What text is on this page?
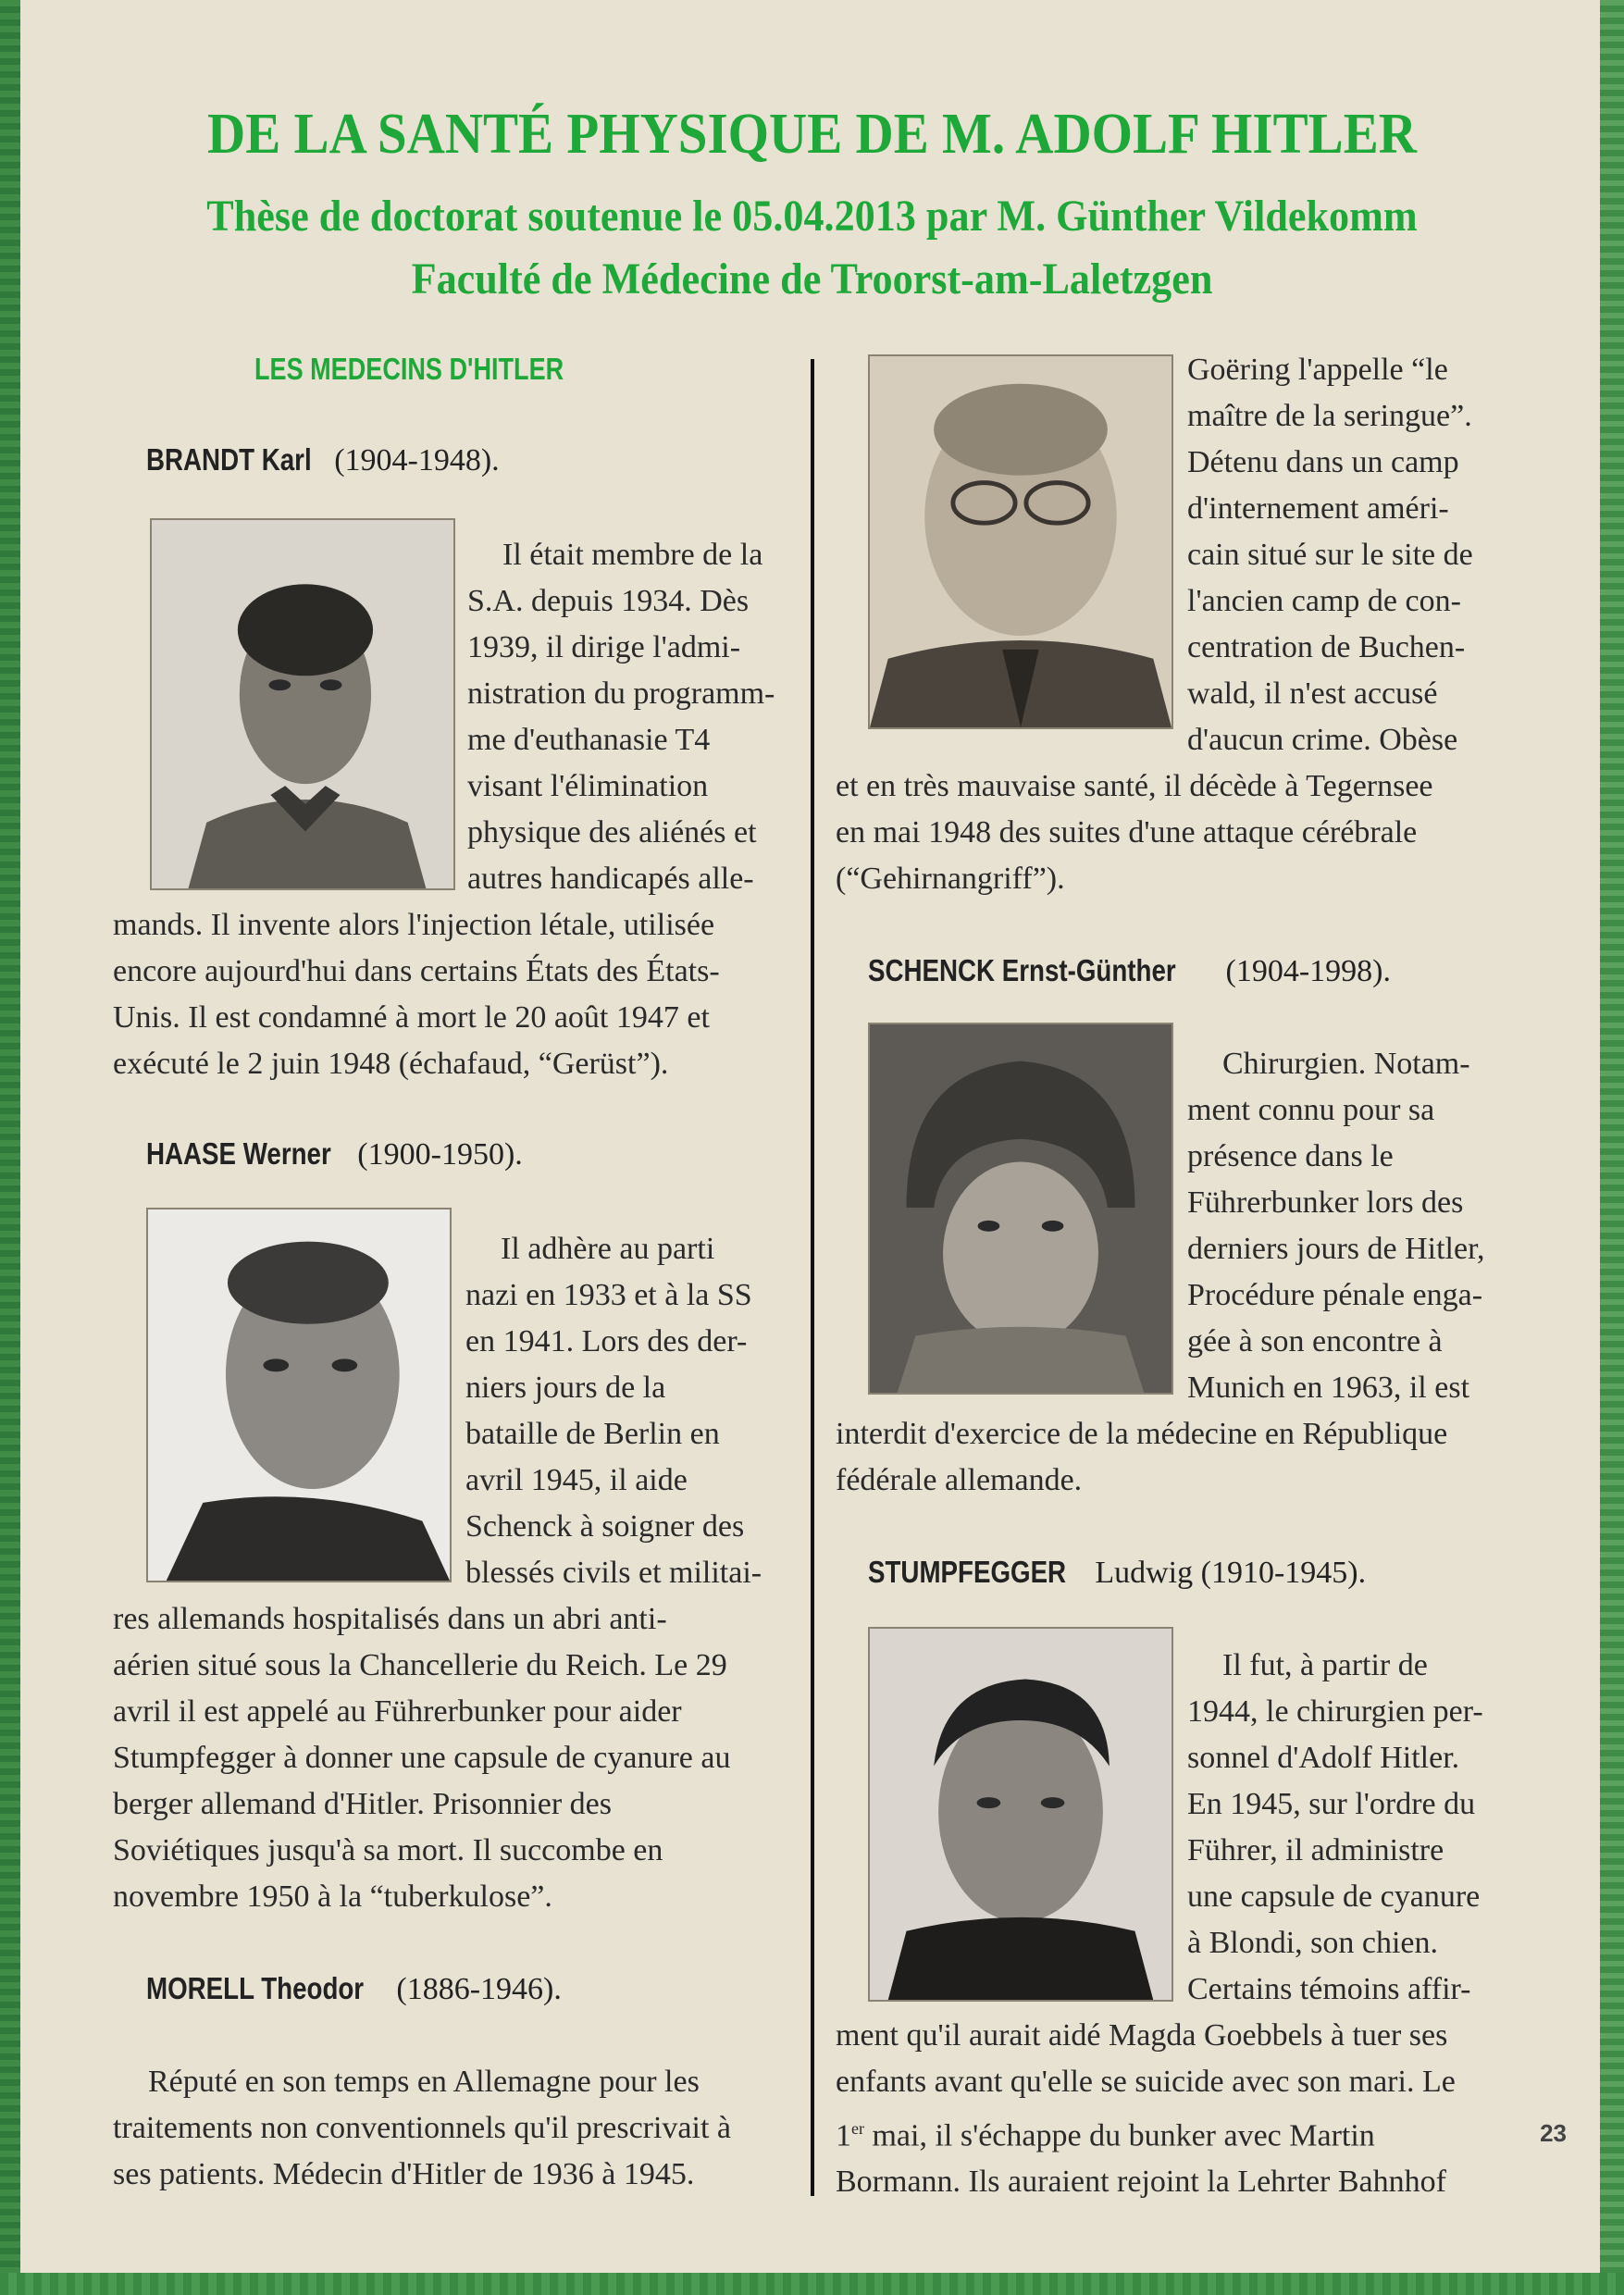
DE LA SANTÉ PHYSIQUE DE M. ADOLF HITLER
Thèse de doctorat soutenue le 05.04.2013 par M. Günther Vildekomm
Faculté de Médecine de Troorst-am-Laletzgen
LES MEDECINS D'HITLER
BRANDT Karl (1904-1948).
Il était membre de la
S.A. depuis 1934. Dès
1939, il dirige l'admi-
nistration du programm-
me d'euthanasie T4
visant l'élimination
physique des aliénés et
autres handicapés alle-
mands. Il invente alors l'injection létale, utilisée
encore aujourd'hui dans certains États des États-
Unis. Il est condamné à mort le 20 août 1947 et
exécuté le 2 juin 1948 (échafaud, “Gerüst”).
HAASE Werner (1900-1950).
Il adhère au parti
nazi en 1933 et à la SS
en 1941. Lors des der-
niers jours de la
bataille de Berlin en
avril 1945, il aide
Schenck à soigner des
blessés civils et militai-
res allemands hospitalisés dans un abri anti-
aérien situé sous la Chancellerie du Reich. Le 29
avril il est appelé au Führerbunker pour aider
Stumpfegger à donner une capsule de cyanure au
berger allemand d'Hitler. Prisonnier des
Soviétiques jusqu'à sa mort. Il succombe en
novembre 1950 à la “tuberkulose”.
MORELL Theodor (1886-1946).
Réputé en son temps en Allemagne pour les
traitements non conventionnels qu'il prescrivait à
ses patients. Médecin d'Hitler de 1936 à 1945.
Goëring l'appelle “le
maître de la seringue”.
Détenu dans un camp
d'internement améri-
cain situé sur le site de
l'ancien camp de con-
centration de Buchen-
wald, il n'est accusé
d'aucun crime. Obèse
et en très mauvaise santé, il décède à Tegernsee
en mai 1948 des suites d'une attaque cérébrale
(“Gehirnangriff”).
SCHENCK Ernst-Günther (1904-1998).
Chirurgien. Notam-
ment connu pour sa
présence dans le
Führerbunker lors des
derniers jours de Hitler,
Procédure pénale enga-
gée à son encontre à
Munich en 1963, il est
interdit d'exercice de la médecine en République
fédérale allemande.
STUMPFEGGER Ludwig (1910-1945).
Il fut, à partir de
1944, le chirurgien per-
sonnel d'Adolf Hitler.
En 1945, sur l'ordre du
Führer, il administre
une capsule de cyanure
à Blondi, son chien.
Certains témoins affir-
ment qu'il aurait aidé Magda Goebbels à tuer ses
enfants avant qu'elle se suicide avec son mari. Le
1er mai, il s'échappe du bunker avec Martin
Bormann. Ils auraient rejoint la Lehrter Bahnhof
23
